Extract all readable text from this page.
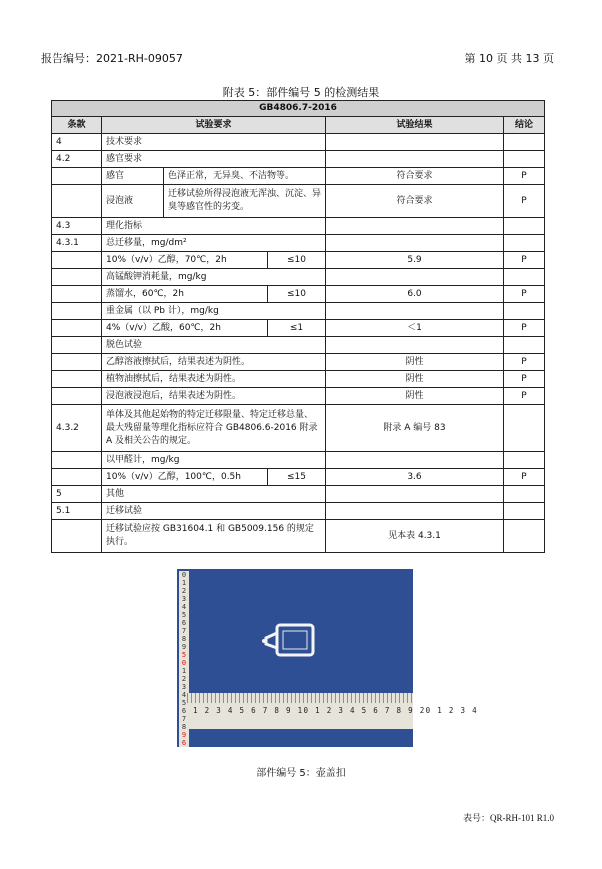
报告编号：2021-RH-09057	第 10 页 共 13 页
附表 5：部件编号 5 的检测结果
GB4806.7-2016					
条款	试验要求			试验结果	结论
4	技术要求				
4.2	感官要求				
	感官	色泽正常，无异臭、不洁物等。		符合要求	P
	浸泡液	迁移试验所得浸泡液无浑浊、沉淀、异臭等感官性的劣变。		符合要求	P
4.3	理化指标				
4.3.1	总迁移量，mg/dm²				
	10%（v/v）乙醇，70℃，2h		≤10	5.9	P
	高锰酸钾消耗量，mg/kg				
	蒸馏水，60℃，2h		≤10	6.0	P
	重金属（以 Pb 计），mg/kg				
	4%（v/v）乙酸，60℃，2h		≤1	＜1	P
	脱色试验				
	乙醇溶液擦拭后，结果表述为阴性。			阴性	P
	植物油擦拭后，结果表述为阴性。			阴性	P
	浸泡液浸泡后，结果表述为阴性。			阴性	P
4.3.2	单体及其他起始物的特定迁移限量、特定迁移总量、最大残留量等理化指标应符合 GB4806.6-2016 附录 A 及相关公告的规定。			附录 A 编号 83	
	以甲醛计，mg/kg				
	10%（v/v）乙醇，100℃，0.5h		≤15	3.6	P
5	其他				
5.1	迁移试验				
	迁移试验应按 GB31604.1 和 GB5009.156 的规定执行。			见本表 4.3.1	
0
1
2
3
4
5
6
7
8
9
5
0
1
2
3
4
5
6
7
8
9
6
1 2 3 4 5 6 7 8 9 10 1 2 3 4 5 6 7 8 9 20 1 2 3 4
部件编号 5：壶盖扣
表号：QR-RH-101 R1.0
